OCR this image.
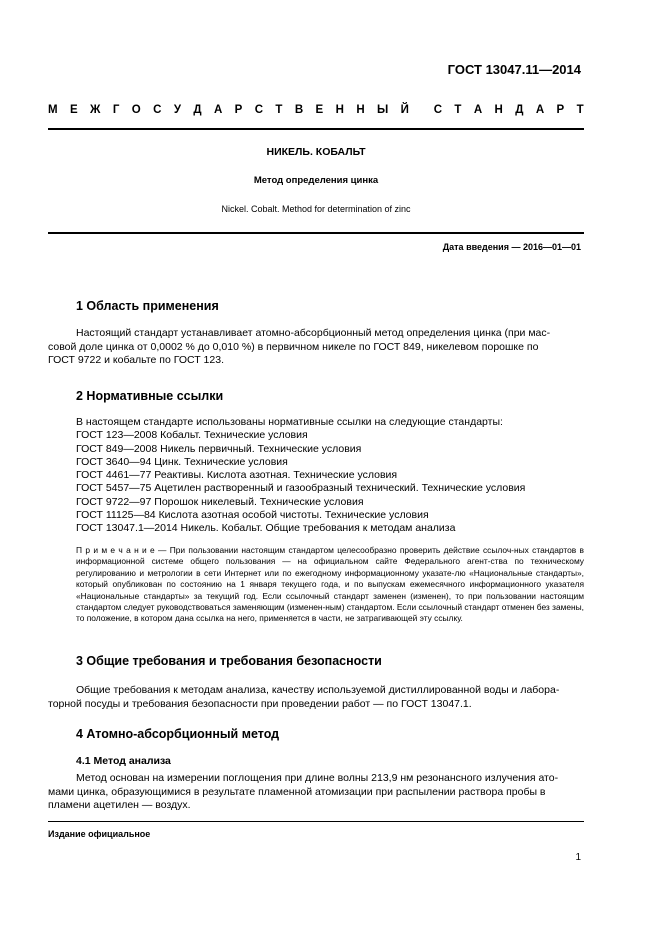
ГОСТ 13047.11—2014
М Е Ж Г О С У Д А Р С Т В Е Н Н Ы Й С Т А Н Д А Р Т
НИКЕЛЬ. КОБАЛЬТ
Метод определения цинка
Nickel. Cobalt. Method for determination of zinc
Дата введения — 2016—01—01
1 Область применения
Настоящий стандарт устанавливает атомно-абсорбционный метод определения цинка (при мас-
совой доле цинка от 0,0002 % до 0,010 %) в первичном никеле по ГОСТ 849, никелевом порошке по
ГОСТ 9722 и кобальте по ГОСТ 123.
2 Нормативные ссылки
В настоящем стандарте использованы нормативные ссылки на следующие стандарты:
ГОСТ 123—2008 Кобальт. Технические условия
ГОСТ 849—2008 Никель первичный. Технические условия
ГОСТ 3640—94 Цинк. Технические условия
ГОСТ 4461—77 Реактивы. Кислота азотная. Технические условия
ГОСТ 5457—75 Ацетилен растворенный и газообразный технический. Технические условия
ГОСТ 9722—97 Порошок никелевый. Технические условия
ГОСТ 11125—84 Кислота азотная особой чистоты. Технические условия
ГОСТ 13047.1—2014 Никель. Кобальт. Общие требования к методам анализа
П р и м е ч а н и е — При пользовании настоящим стандартом целесообразно проверить действие ссылоч-ных стандартов в информационной системе общего пользования — на официальном сайте Федерального агент-ства по техническому регулированию и метрологии в сети Интернет или по ежегодному информационному указате-лю «Национальные стандарты», который опубликован по состоянию на 1 января текущего года, и по выпускам ежемесячного информационного указателя «Национальные стандарты» за текущий год. Если ссылочный стандарт заменен (изменен), то при пользовании настоящим стандартом следует руководствоваться заменяющим (изменен-ным) стандартом. Если ссылочный стандарт отменен без замены, то положение, в котором дана ссылка на него, применяется в части, не затрагивающей эту ссылку.
3 Общие требования и требования безопасности
Общие требования к методам анализа, качеству используемой дистиллированной воды и лабора-
торной посуды и требования безопасности при проведении работ — по ГОСТ 13047.1.
4 Атомно-абсорбционный метод
4.1 Метод анализа
Метод основан на измерении поглощения при длине волны 213,9 нм резонансного излучения ато-
мами цинка, образующимися в результате пламенной атомизации при распылении раствора пробы в
пламени ацетилен — воздух.
Издание официальное
1
